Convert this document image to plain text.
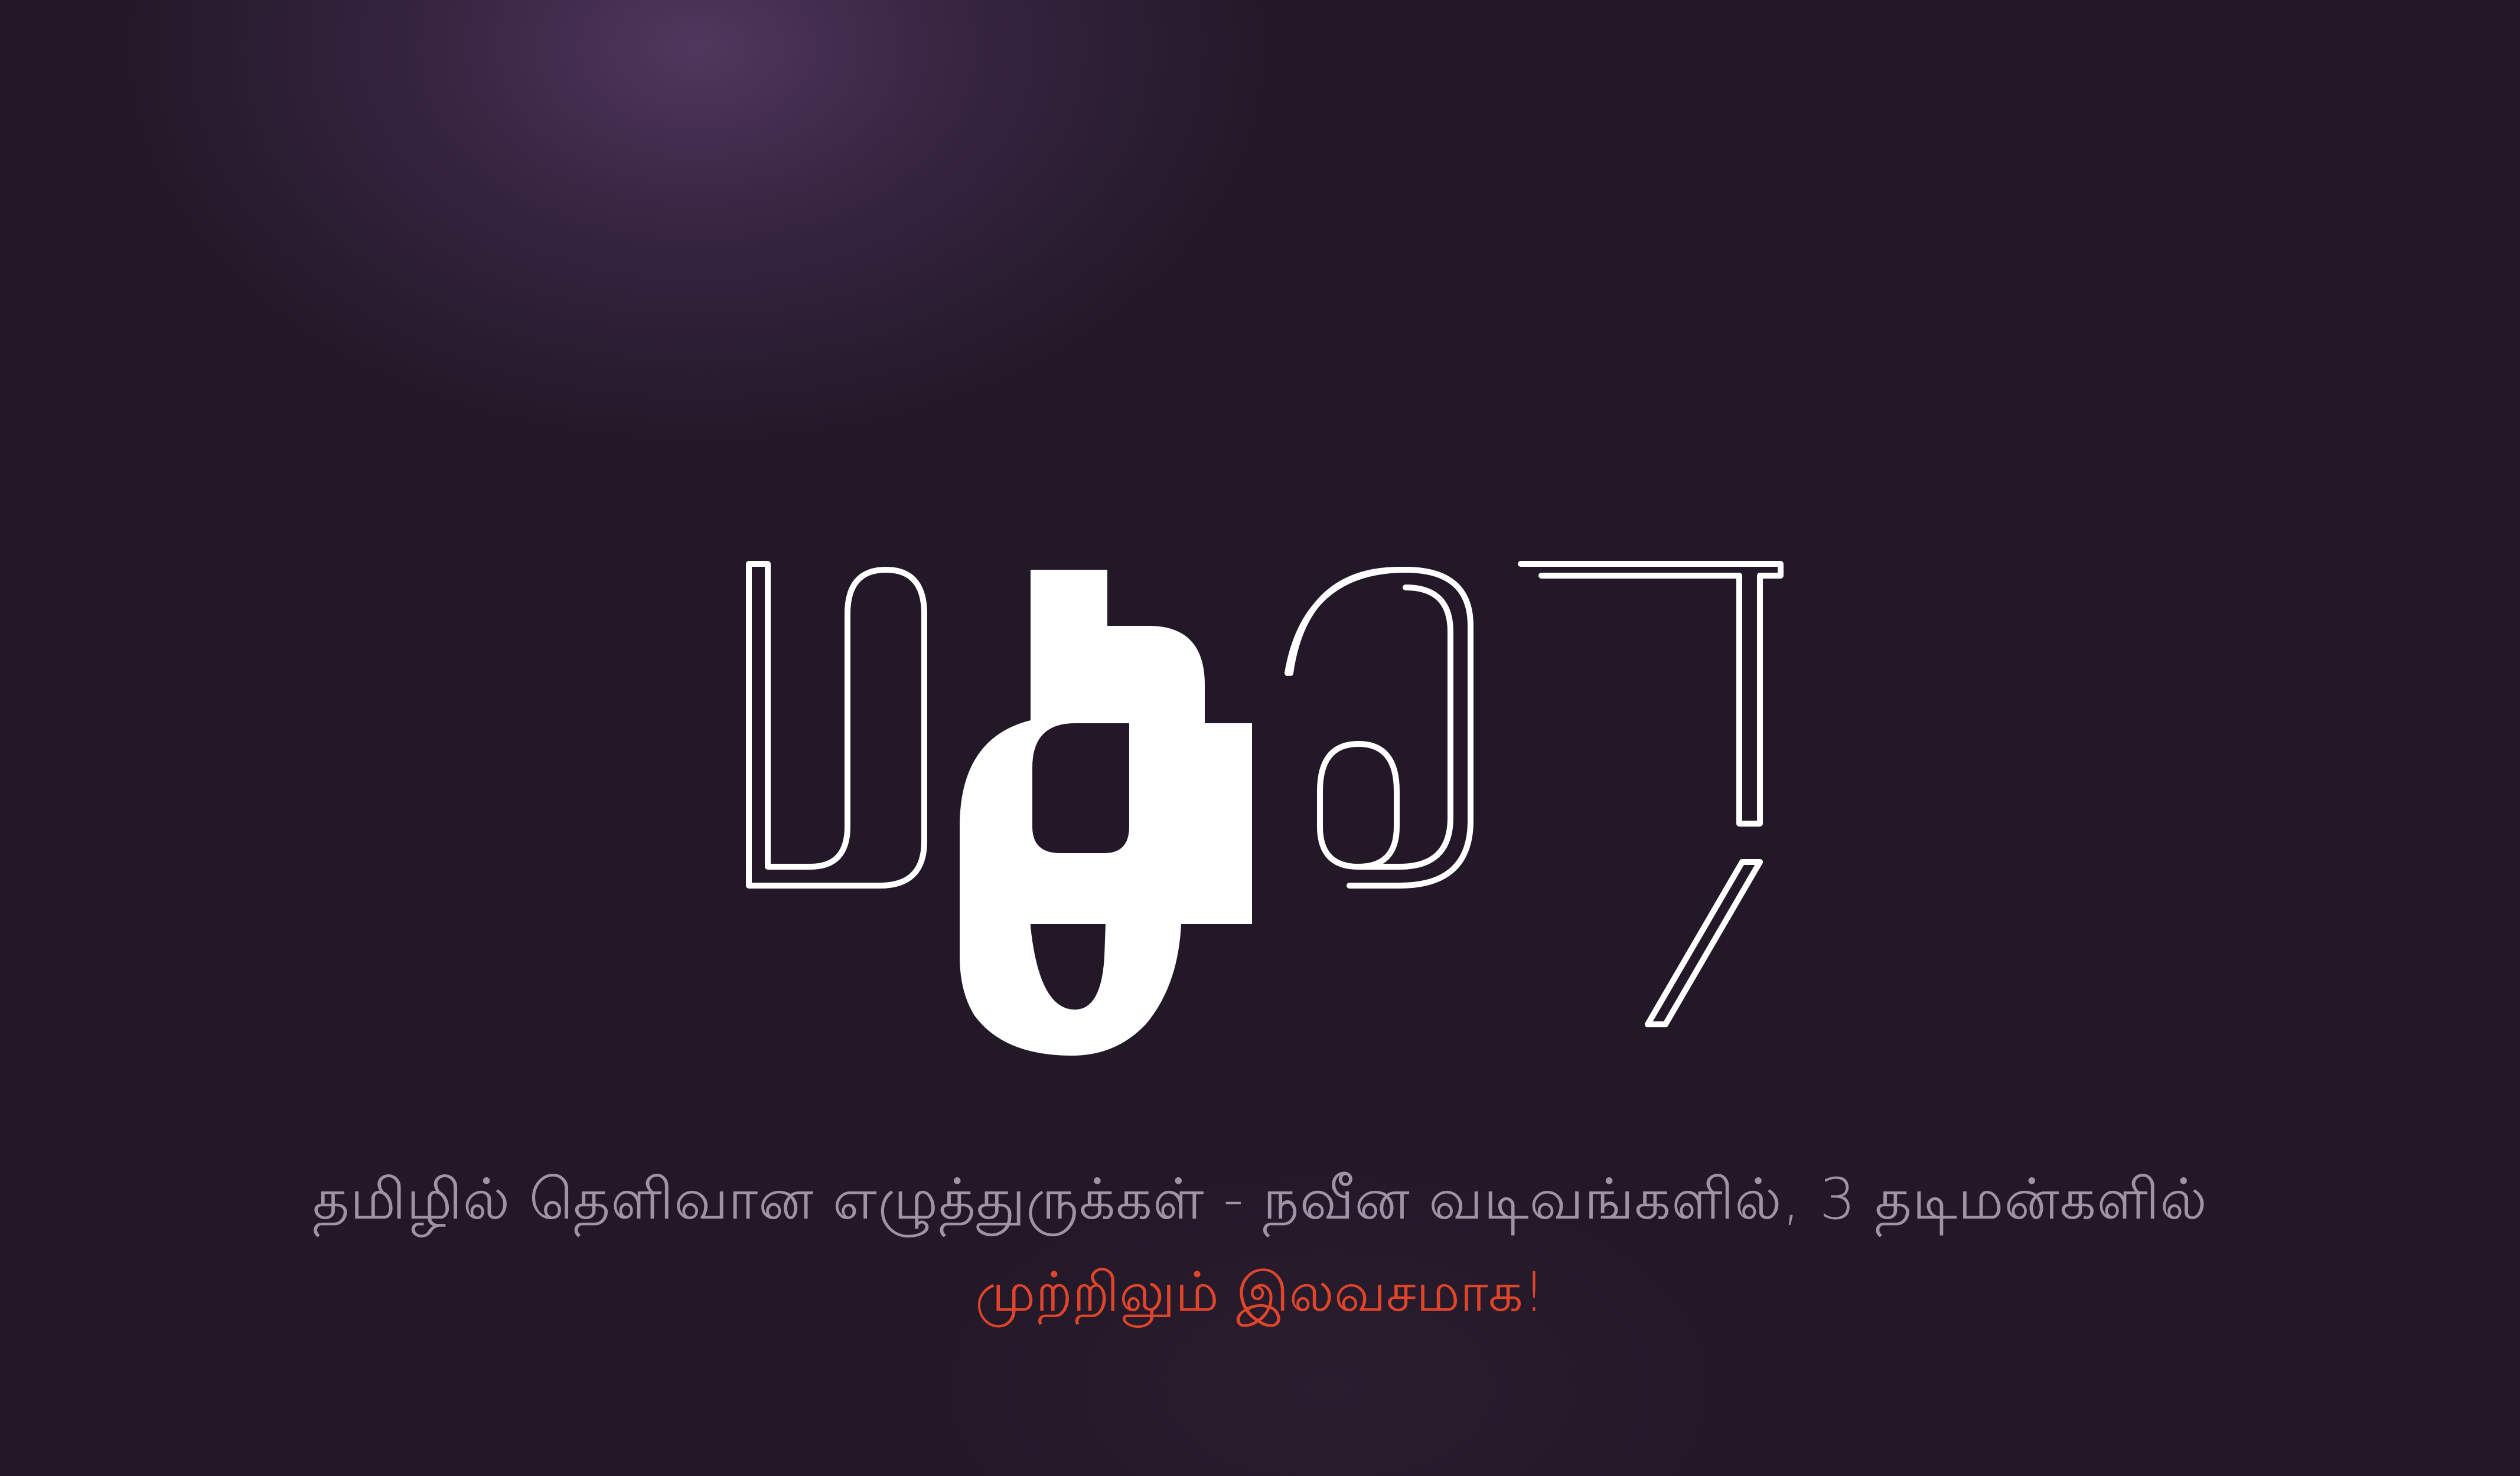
தமிழில் தெளிவான எழுத்துருக்கள் - நவீன வடிவங்களில், 3 தடிமன்களில்
முற்றிலும் இலவசமாக!
